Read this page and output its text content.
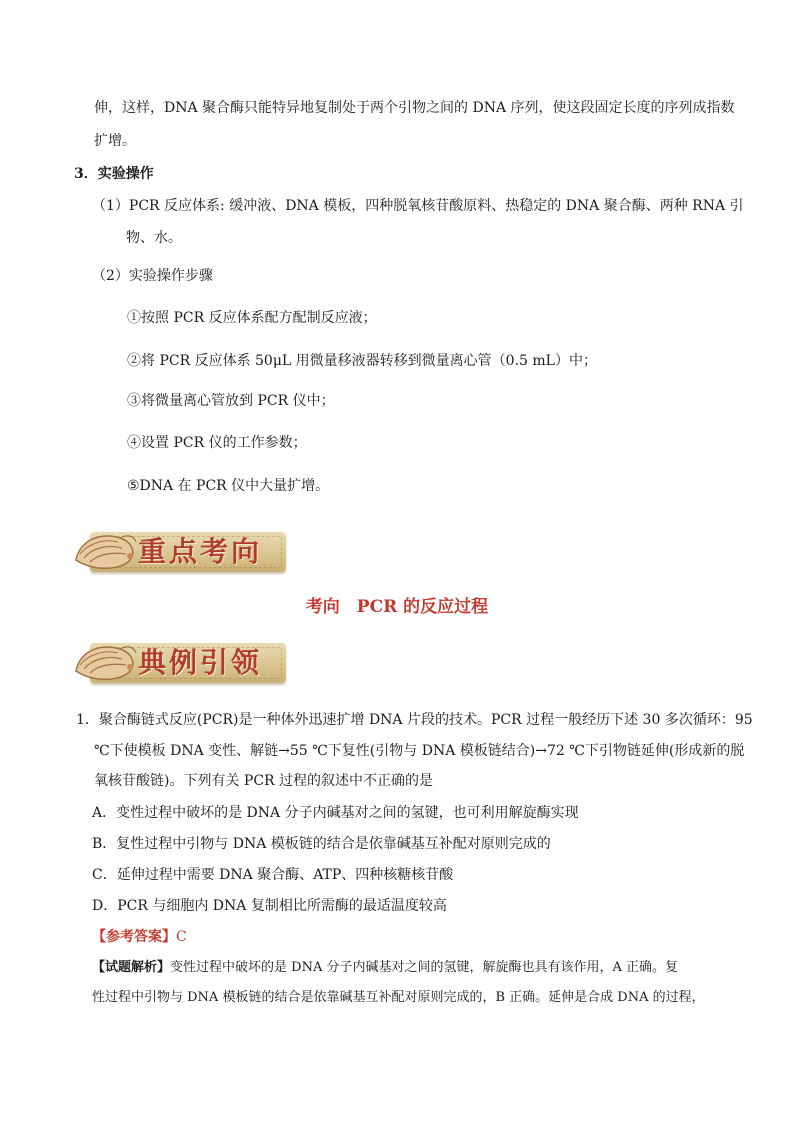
伸，这样，DNA 聚合酶只能特异地复制处于两个引物之间的 DNA 序列，使这段固定长度的序列成指数
扩增。
3．实验操作
（1）PCR 反应体系: 缓冲液、DNA 模板，四种脱氧核苷酸原料、热稳定的 DNA 聚合酶、两种 RNA 引
物、水。
（2）实验操作步骤
①按照 PCR 反应体系配方配制反应液；
②将 PCR 反应体系 50μL 用微量移液器转移到微量离心管（0.5 mL）中；
③将微量离心管放到 PCR 仪中；
④设置 PCR 仪的工作参数；
⑤DNA 在 PCR 仪中大量扩增。
重点考向
考向　PCR 的反应过程
典例引领
1．聚合酶链式反应(PCR)是一种体外迅速扩增 DNA 片段的技术。PCR 过程一般经历下述 30 多次循环：95
℃下使模板 DNA 变性、解链→55 ℃下复性(引物与 DNA 模板链结合)→72 ℃下引物链延伸(形成新的脱
氧核苷酸链)。下列有关 PCR 过程的叙述中不正确的是
A．变性过程中破坏的是 DNA 分子内碱基对之间的氢键，也可利用解旋酶实现
B．复性过程中引物与 DNA 模板链的结合是依靠碱基互补配对原则完成的
C．延伸过程中需要 DNA 聚合酶、ATP、四种核糖核苷酸
D．PCR 与细胞内 DNA 复制相比所需酶的最适温度较高
【参考答案】C
【试题解析】变性过程中破坏的是 DNA 分子内碱基对之间的氢键，解旋酶也具有该作用，A 正确。复
性过程中引物与 DNA 模板链的结合是依靠碱基互补配对原则完成的，B 正确。延伸是合成 DNA 的过程，
